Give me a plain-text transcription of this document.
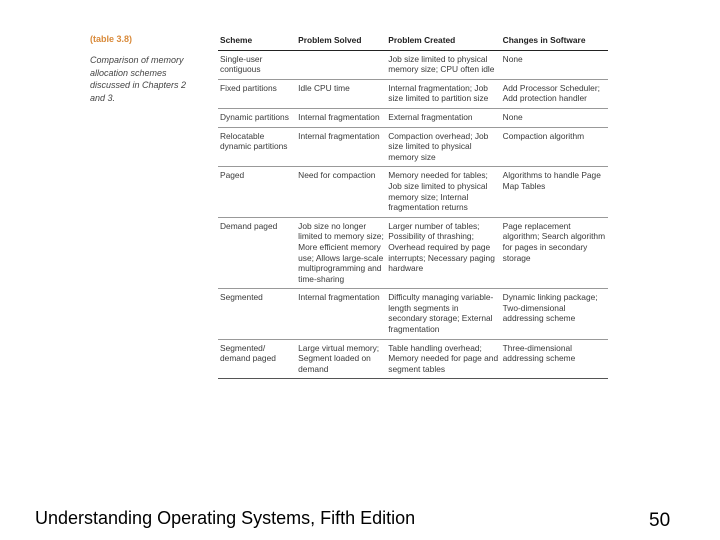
(table 3.8)
Comparison of memory allocation schemes discussed in Chapters 2 and 3.
Scheme	Problem Solved	Problem Created	Changes in Software
Single-user contiguous		Job size limited to physical memory size; CPU often idle	None
Fixed partitions	Idle CPU time	Internal fragmentation; Job size limited to partition size	Add Processor Scheduler; Add protection handler
Dynamic partitions	Internal fragmentation	External fragmentation	None
Relocatable dynamic partitions	Internal fragmentation	Compaction overhead; Job size limited to physical memory size	Compaction algorithm
Paged	Need for compaction	Memory needed for tables; Job size limited to physical memory size; Internal fragmentation returns	Algorithms to handle Page Map Tables
Demand paged	Job size no longer limited to memory size; More efficient memory use; Allows large-scale multiprogramming and time-sharing	Larger number of tables; Possibility of thrashing; Overhead required by page interrupts; Necessary paging hardware	Page replacement algorithm; Search algorithm for pages in secondary storage
Segmented	Internal fragmentation	Difficulty managing variable-length segments in secondary storage; External fragmentation	Dynamic linking package; Two-dimensional addressing scheme
Segmented/ demand paged	Large virtual memory; Segment loaded on demand	Table handling overhead; Memory needed for page and segment tables	Three-dimensional addressing scheme
Understanding Operating Systems, Fifth Edition	50
